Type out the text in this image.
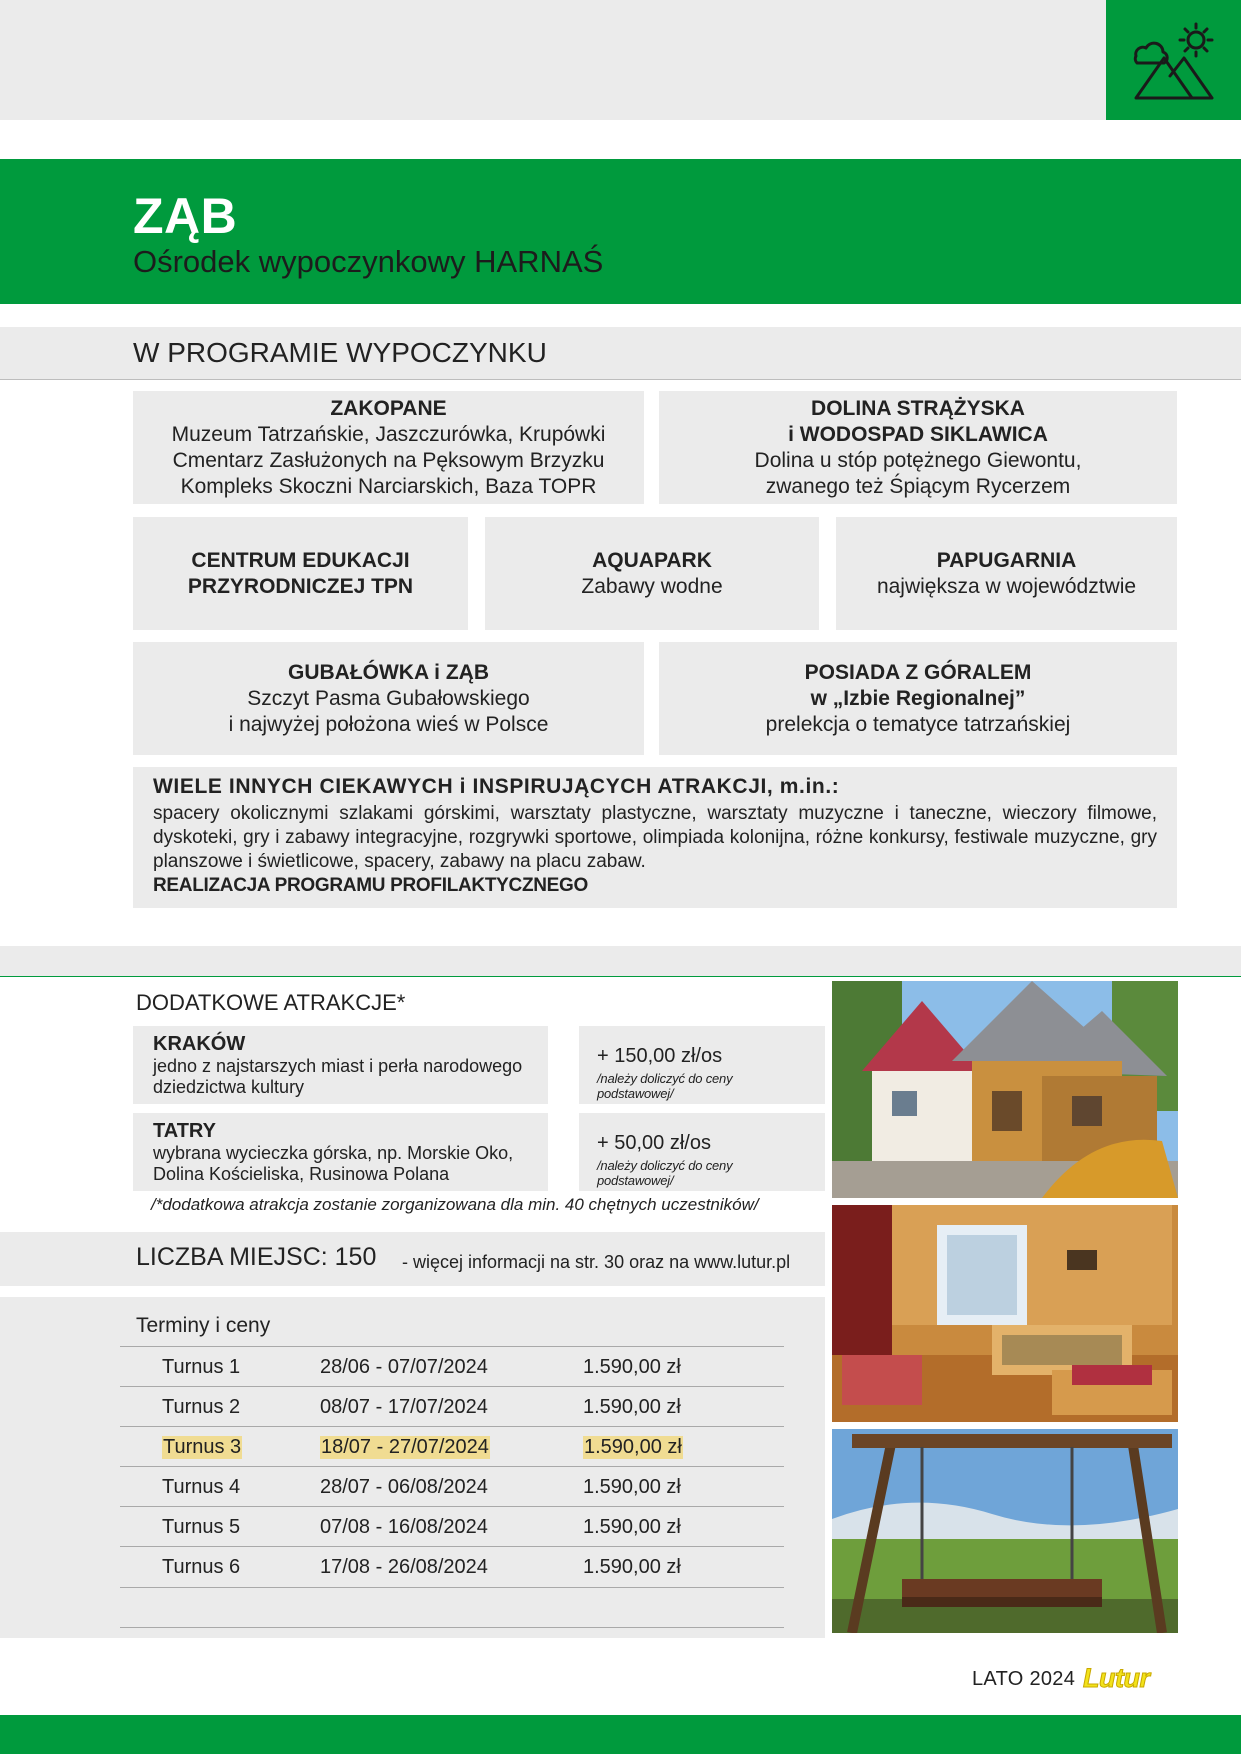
ZĄB
Ośrodek wypoczynkowy HARNAŚ
W PROGRAMIE WYPOCZYNKU
ZAKOPANE
Muzeum Tatrzańskie, Jaszczurówka, Krupówki
Cmentarz Zasłużonych na Pęksowym Brzyzku
Kompleks Skoczni Narciarskich, Baza TOPR
DOLINA STRĄŻYSKA
i WODOSPAD SIKLAWICA
Dolina u stóp potężnego Giewontu,
zwanego też Śpiącym Rycerzem
CENTRUM EDUKACJI
PRZYRODNICZEJ TPN
AQUAPARK
Zabawy wodne
PAPUGARNIA
największa w województwie
GUBAŁÓWKA i ZĄB
Szczyt Pasma Gubałowskiego
i najwyżej położona wieś w Polsce
POSIADA Z GÓRALEM
w „Izbie Regionalnej”
prelekcja o tematyce tatrzańskiej
WIELE INNYCH CIEKAWYCH i INSPIRUJĄCYCH ATRAKCJI, m.in.:
spacery okolicznymi szlakami górskimi, warsztaty plastyczne, warsztaty muzyczne i taneczne, wieczory filmowe, dyskoteki, gry i zabawy integracyjne, rozgrywki sportowe, olimpiada kolonijna, różne konkursy, festiwale muzyczne, gry planszowe i świetlicowe, spacery, zabawy na placu zabaw.
REALIZACJA PROGRAMU PROFILAKTYCZNEGO
DODATKOWE ATRAKCJE*
KRAKÓW
jedno z najstarszych miast i perła narodowego
dziedzictwa kultury
+ 150,00 zł/os
/należy doliczyć do ceny podstawowej/
TATRY
wybrana wycieczka górska, np. Morskie Oko,
Dolina Kościeliska, Rusinowa Polana
+ 50,00 zł/os
/należy doliczyć do ceny podstawowej/
/*dodatkowa atrakcja zostanie zorganizowana dla min. 40 chętnych uczestników/
LICZBA MIEJSC: 150 - więcej informacji na str. 30 oraz na www.lutur.pl
Terminy i ceny
Turnus 1	28/06 - 07/07/2024	1.590,00 zł
Turnus 2	08/07 - 17/07/2024	1.590,00 zł
Turnus 3	18/07 - 27/07/2024	1.590,00 zł
Turnus 4	28/07 - 06/08/2024	1.590,00 zł
Turnus 5	07/08 - 16/08/2024	1.590,00 zł
Turnus 6	17/08 - 26/08/2024	1.590,00 zł
LATO 2024 Lutur
